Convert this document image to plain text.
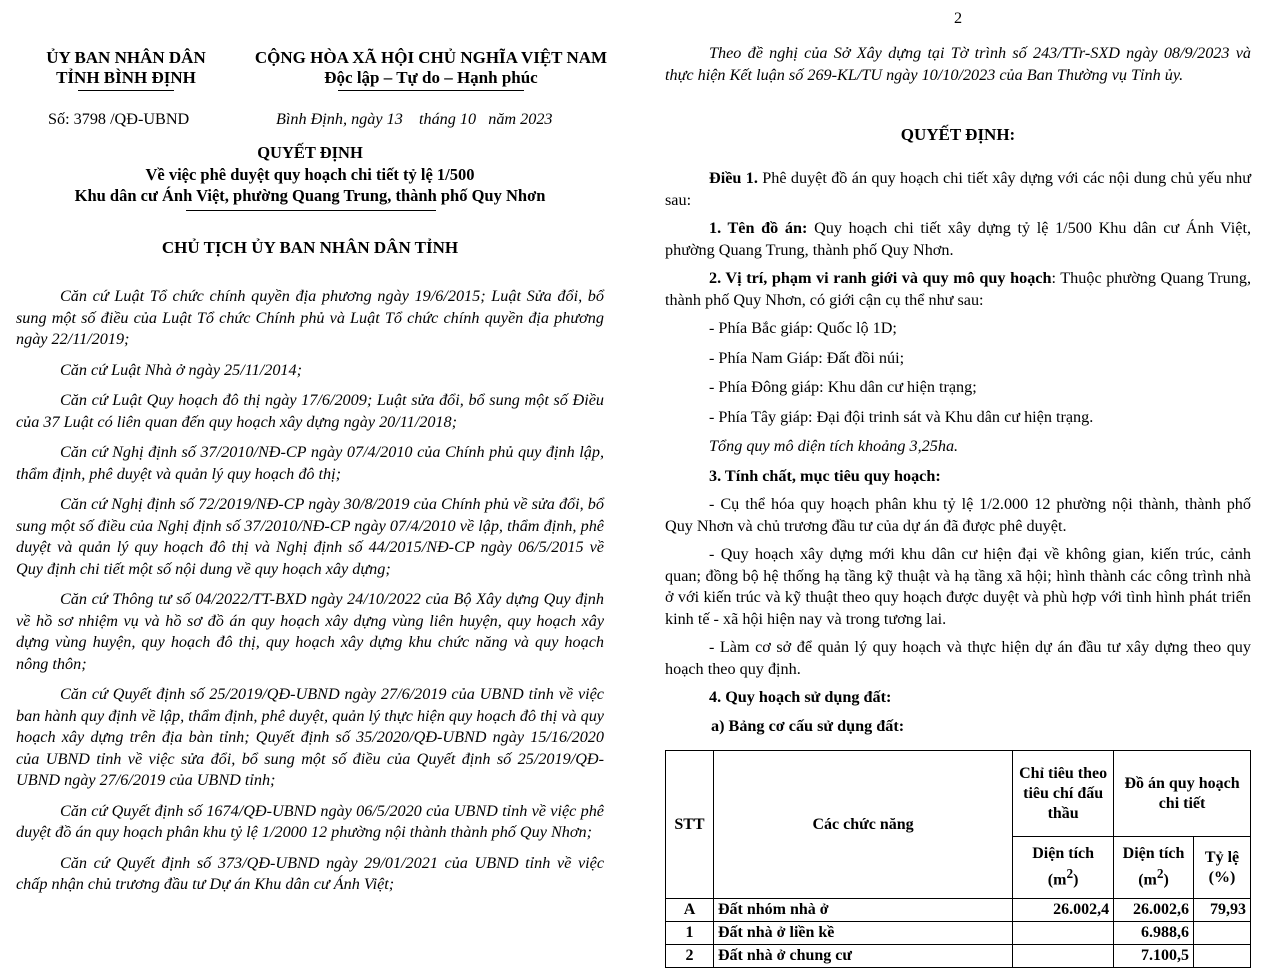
ỦY BAN NHÂN DÂN
TỈNH BÌNH ĐỊNH
CỘNG HÒA XÃ HỘI CHỦ NGHĨA VIỆT NAM
Độc lập – Tự do – Hạnh phúc
Số: 3798 /QĐ-UBND	Bình Định, ngày 13    tháng 10   năm 2023
QUYẾT ĐỊNH
Về việc phê duyệt quy hoạch chi tiết tỷ lệ 1/500
Khu dân cư Ánh Việt, phường Quang Trung, thành phố Quy Nhơn
CHỦ TỊCH ỦY BAN NHÂN DÂN TỈNH

Căn cứ Luật Tổ chức chính quyền địa phương ngày 19/6/2015; Luật Sửa đổi, bổ sung một số điều của Luật Tổ chức Chính phủ và Luật Tổ chức chính quyền địa phương ngày 22/11/2019;

Căn cứ Luật Nhà ở ngày 25/11/2014;

Căn cứ Luật Quy hoạch đô thị ngày 17/6/2009; Luật sửa đổi, bổ sung một số Điều của 37 Luật có liên quan đến quy hoạch xây dựng ngày 20/11/2018;

Căn cứ Nghị định số 37/2010/NĐ-CP ngày 07/4/2010 của Chính phủ quy định lập, thẩm định, phê duyệt và quản lý quy hoạch đô thị;

Căn cứ Nghị định số 72/2019/NĐ-CP ngày 30/8/2019 của Chính phủ về sửa đổi, bổ sung một số điều của Nghị định số 37/2010/NĐ-CP ngày 07/4/2010 về lập, thẩm định, phê duyệt và quản lý quy hoạch đô thị và Nghị định số 44/2015/NĐ-CP ngày 06/5/2015 về Quy định chi tiết một số nội dung về quy hoạch xây dựng;

Căn cứ Thông tư số 04/2022/TT-BXD ngày 24/10/2022 của Bộ Xây dựng Quy định về hồ sơ nhiệm vụ và hồ sơ đồ án quy hoạch xây dựng vùng liên huyện, quy hoạch xây dựng vùng huyện, quy hoạch đô thị, quy hoạch xây dựng khu chức năng và quy hoạch nông thôn;

Căn cứ Quyết định số 25/2019/QĐ-UBND ngày 27/6/2019 của UBND tỉnh về việc ban hành quy định về lập, thẩm định, phê duyệt, quản lý thực hiện quy hoạch đô thị và quy hoạch xây dựng trên địa bàn tỉnh; Quyết định số 35/2020/QĐ-UBND ngày 15/16/2020 của UBND tỉnh về việc sửa đổi, bổ sung một số điều của Quyết định số 25/2019/QĐ-UBND ngày 27/6/2019 của UBND tỉnh;

Căn cứ Quyết định số 1674/QĐ-UBND ngày 06/5/2020 của UBND tỉnh về việc phê duyệt đồ án quy hoạch phân khu tỷ lệ 1/2000 12 phường nội thành thành phố Quy Nhơn;

Căn cứ Quyết định số 373/QĐ-UBND ngày 29/01/2021 của UBND tỉnh về việc chấp nhận chủ trương đầu tư Dự án Khu dân cư Ánh Việt;

2

Theo đề nghị của Sở Xây dựng tại Tờ trình số 243/TTr-SXD ngày 08/9/2023 và thực hiện Kết luận số 269-KL/TU ngày 10/10/2023 của Ban Thường vụ Tỉnh ủy.

QUYẾT ĐỊNH:

Điều 1. Phê duyệt đồ án quy hoạch chi tiết xây dựng với các nội dung chủ yếu như sau:

1. Tên đồ án: Quy hoạch chi tiết xây dựng tỷ lệ 1/500 Khu dân cư Ánh Việt, phường Quang Trung, thành phố Quy Nhơn.

2. Vị trí, phạm vi ranh giới và quy mô quy hoạch: Thuộc phường Quang Trung, thành phố Quy Nhơn, có giới cận cụ thể như sau:

- Phía Bắc giáp: Quốc lộ 1D;

- Phía Nam Giáp: Đất đồi núi;

- Phía Đông giáp: Khu dân cư hiện trạng;

- Phía Tây giáp: Đại đội trinh sát và Khu dân cư hiện trạng.

Tổng quy mô diện tích khoảng 3,25ha.

3. Tính chất, mục tiêu quy hoạch:

- Cụ thể hóa quy hoạch phân khu tỷ lệ 1/2.000 12 phường nội thành, thành phố Quy Nhơn và chủ trương đầu tư của dự án đã được phê duyệt.

- Quy hoạch xây dựng mới khu dân cư hiện đại về không gian, kiến trúc, cảnh quan; đồng bộ hệ thống hạ tầng kỹ thuật và hạ tầng xã hội; hình thành các công trình nhà ở với kiến trúc và kỹ thuật theo quy hoạch được duyệt và phù hợp với tình hình phát triển kinh tế - xã hội hiện nay và trong tương lai.

- Làm cơ sở để quản lý quy hoạch và thực hiện dự án đầu tư xây dựng theo quy hoạch theo quy định.

4. Quy hoạch sử dụng đất:

a) Bảng cơ cấu sử dụng đất:

STT	Các chức năng	Chỉ tiêu theo tiêu chí đấu thầu	Đồ án quy hoạch chi tiết	
		Diện tích $(m^2)$	Diện tích $(m^2)$	Tỷ lệ (%)
A	Đất nhóm nhà ở	26.002,4	26.002,6	79,93
1	Đất nhà ở liền kề		6.988,6	
2	Đất nhà ở chung cư		7.100,5	
